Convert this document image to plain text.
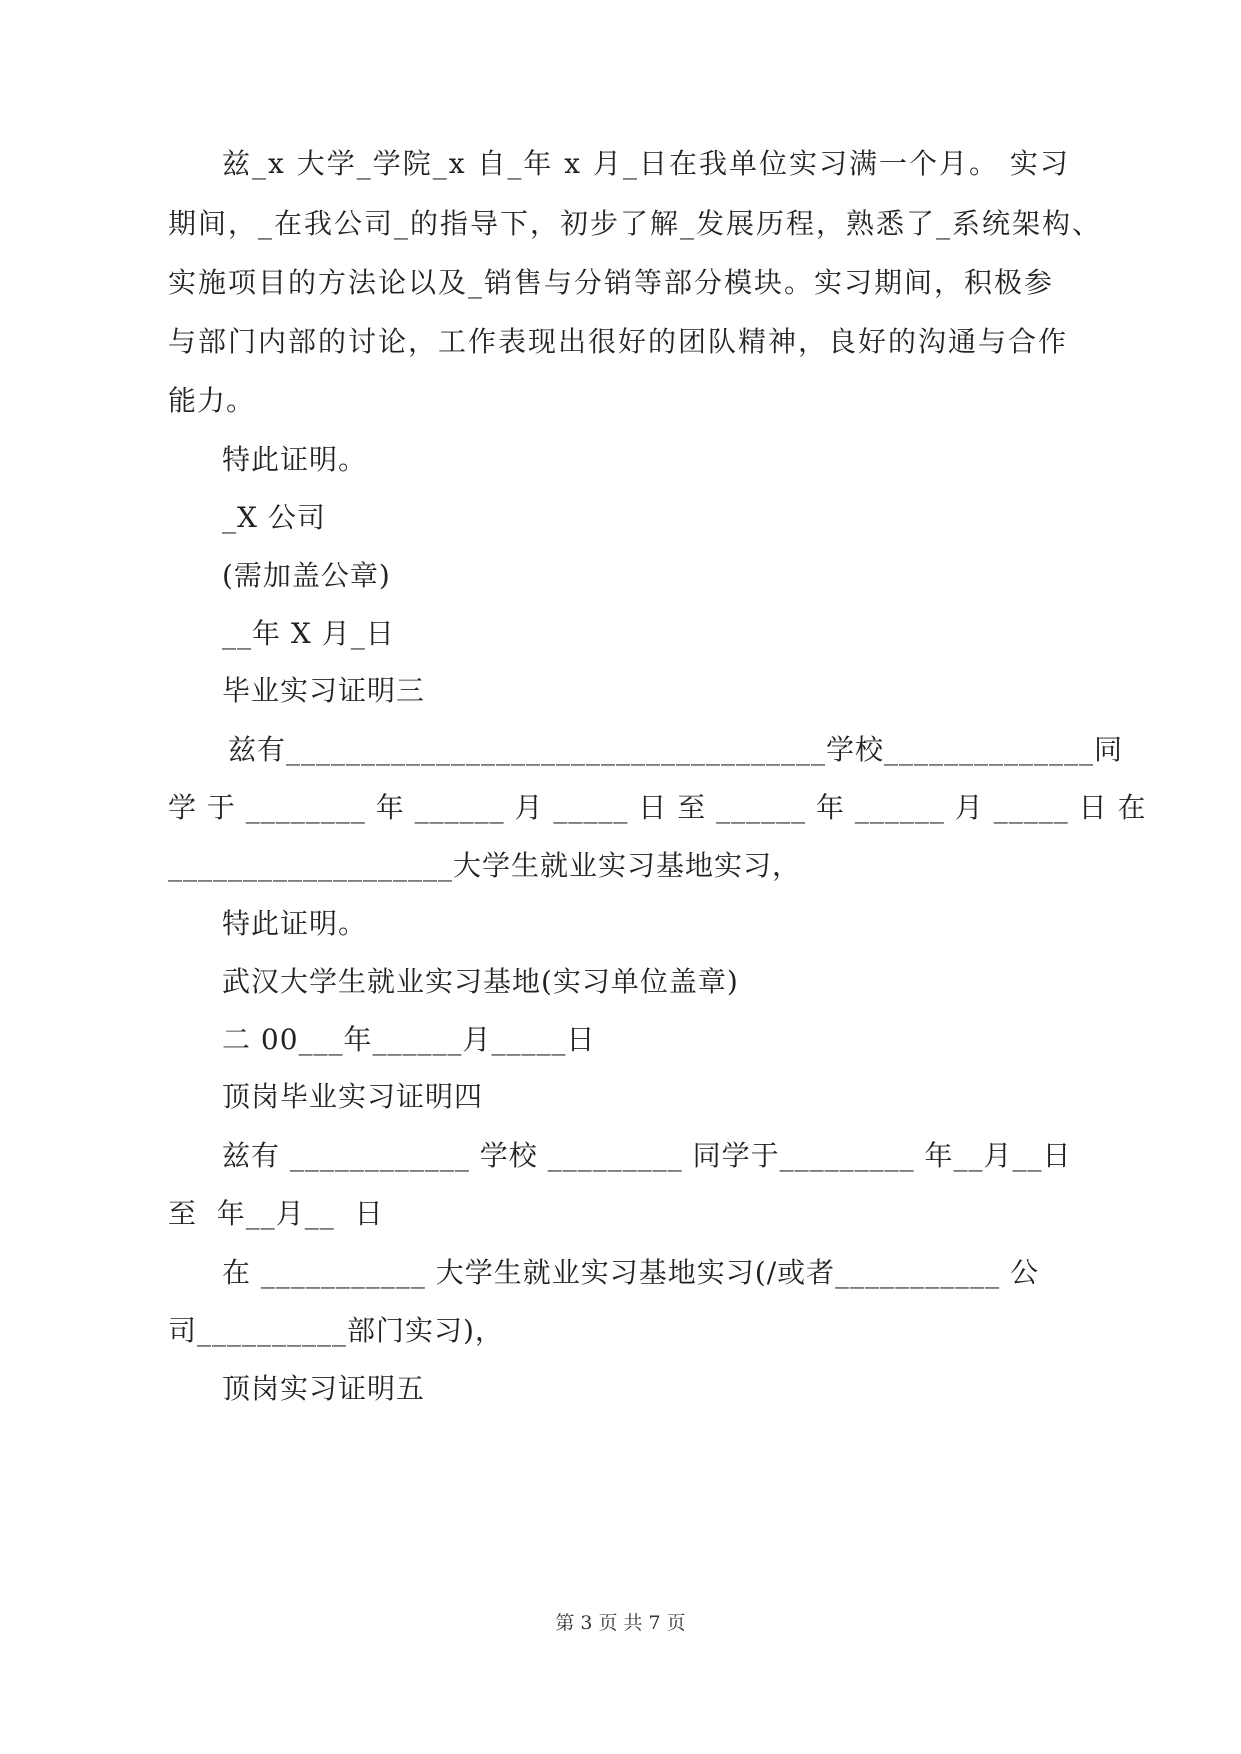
兹_x 大学_学院_x 自_年 x 月_日在我单位实习满一个月。 实习
期间，_在我公司_的指导下，初步了解_发展历程，熟悉了_系统架构、
实施项目的方法论以及_销售与分销等部分模块。实习期间，积极参
与部门内部的讨论，工作表现出很好的团队精神，良好的沟通与合作
能力。
特此证明。
_X 公司
(需加盖公章)
__年 X 月_日
毕业实习证明三
兹有____________________________________学校______________同
学 于 ________ 年 ______ 月 _____ 日 至 ______ 年 ______ 月 _____ 日 在
___________________大学生就业实习基地实习，
特此证明。
武汉大学生就业实习基地(实习单位盖章)
二 00___年______月_____日
顶岗毕业实习证明四
兹有 ____________ 学校 _________ 同学于_________ 年__月__日
至  年__月__  日
在 ___________ 大学生就业实习基地实习(/或者___________ 公
司__________部门实习)，
顶岗实习证明五
第 3 页 共 7 页
